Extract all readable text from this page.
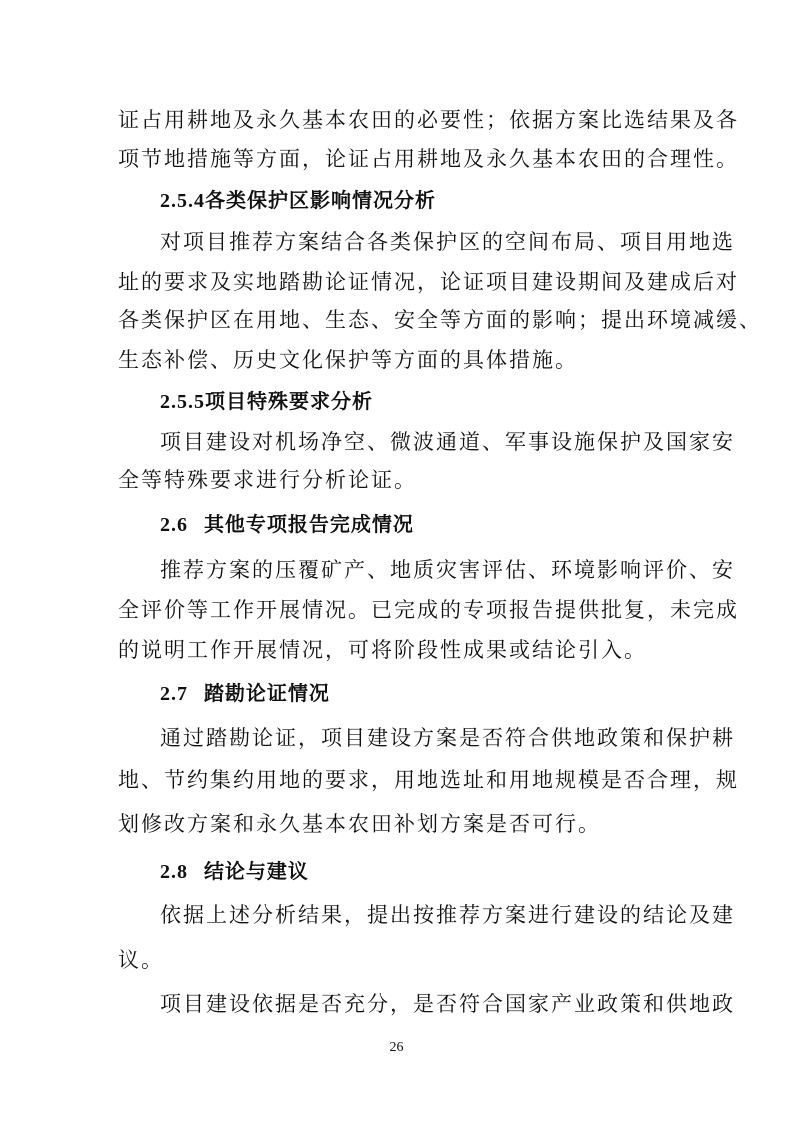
证占用耕地及永久基本农田的必要性；依据方案比选结果及各
项节地措施等方面，论证占用耕地及永久基本农田的合理性。
2.5.4各类保护区影响情况分析
对项目推荐方案结合各类保护区的空间布局、项目用地选
址的要求及实地踏勘论证情况，论证项目建设期间及建成后对
各类保护区在用地、生态、安全等方面的影响；提出环境减缓、
生态补偿、历史文化保护等方面的具体措施。
2.5.5项目特殊要求分析
项目建设对机场净空、微波通道、军事设施保护及国家安
全等特殊要求进行分析论证。
2.6 其他专项报告完成情况
推荐方案的压覆矿产、地质灾害评估、环境影响评价、安
全评价等工作开展情况。已完成的专项报告提供批复，未完成
的说明工作开展情况，可将阶段性成果或结论引入。
2.7 踏勘论证情况
通过踏勘论证，项目建设方案是否符合供地政策和保护耕
地、节约集约用地的要求，用地选址和用地规模是否合理，规
划修改方案和永久基本农田补划方案是否可行。
2.8 结论与建议
依据上述分析结果，提出按推荐方案进行建设的结论及建
议。
项目建设依据是否充分，是否符合国家产业政策和供地政
26
